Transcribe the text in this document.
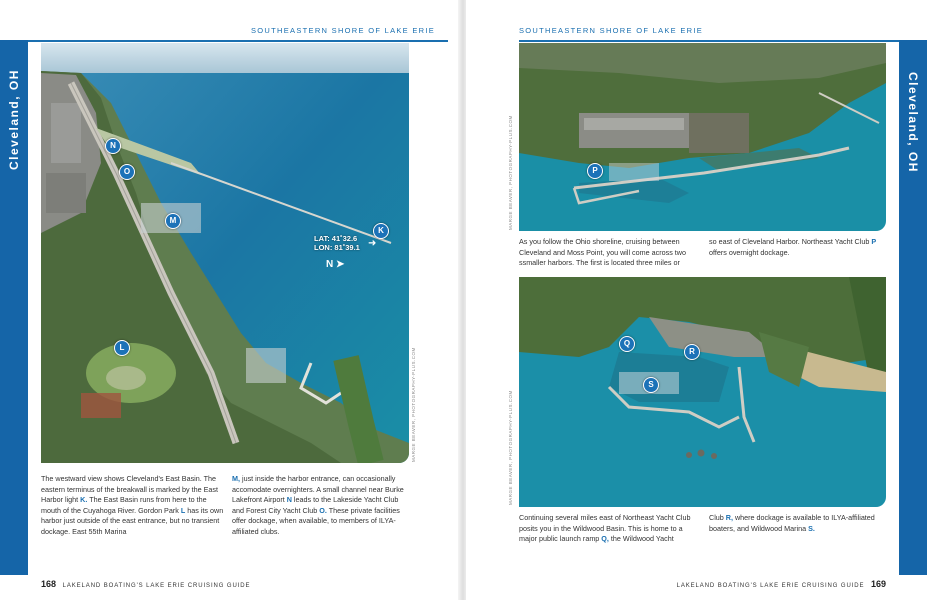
SOUTHEASTERN SHORE OF LAKE ERIE
Cleveland, OH	N
O
M
K
L
LAT: 41˚32.6
LON: 81˚39.1 ➜
N ➤
MARGE BEAVER, PHOTOGRAPHY-PLUS.COM
The westward view shows Cleveland's East Basin. The eastern terminus of the breakwall is marked by the East Harbor light K. The East Basin runs from here to the mouth of the Cuyahoga River. Gordon Park L has its own harbor just outside of the east entrance, but no transient dockage. East 55th Marina
M, just inside the harbor entrance, can occasionally accomodate overnighters. A small channel near Burke Lakefront Airport N leads to the Lakeside Yacht Club and Forest City Yacht Club O. These private facilities offer dockage, when available, to members of ILYA-affiliated clubs.
168 LAKELAND BOATING'S LAKE ERIE CRUISING GUIDE
SOUTHEASTERN SHORE OF LAKE ERIE
Cleveland, OH
P
MARGE BEAVER, PHOTOGRAPHY-PLUS.COM
As you follow the Ohio shoreline, cruising between Cleveland and Moss Point, you will come across two ssmaller harbors. The first is located three miles or
so east of Cleveland Harbor. Northeast Yacht Club P offers overnight dockage.
Q
R
S
MARGE BEAVER, PHOTOGRAPHY-PLUS.COM
Continuing several miles east of Northeast Yacht Club posits you in the Wildwood Basin. This is home to a major public launch ramp Q, the Wildwood Yacht
Club R, where dockage is available to ILYA-affiliated boaters, and Wildwood Marina S.
LAKELAND BOATING'S LAKE ERIE CRUISING GUIDE 169
